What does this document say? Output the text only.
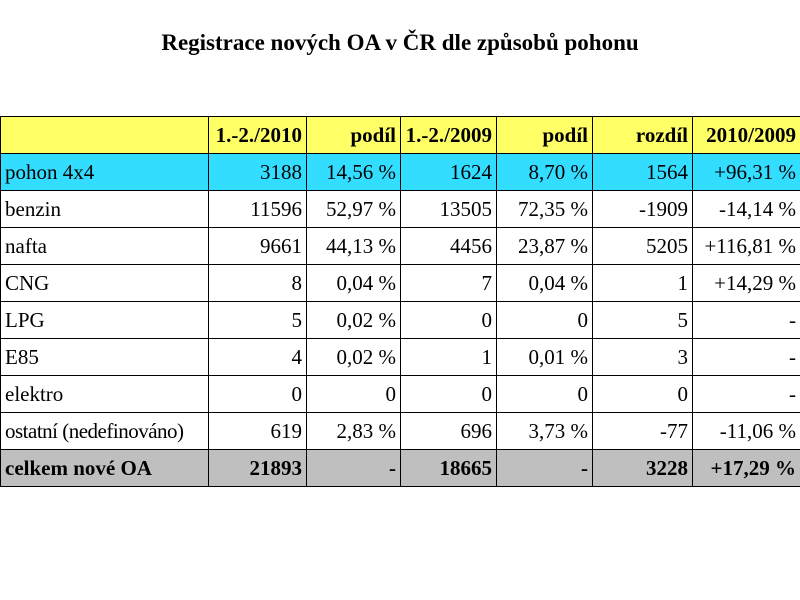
Registrace nových OA v ČR dle způsobů pohonu
	1.-2./2010	podíl	1.-2./2009	podíl	rozdíl	2010/2009
pohon 4x4	3188	14,56 %	1624	8,70 %	1564	+96,31 %
benzin	11596	52,97 %	13505	72,35 %	-1909	-14,14 %
nafta	9661	44,13 %	4456	23,87 %	5205	+116,81 %
CNG	8	0,04 %	7	0,04 %	1	+14,29 %
LPG	5	0,02 %	0	0	5	-
E85	4	0,02 %	1	0,01 %	3	-
elektro	0	0	0	0	0	-
ostatní (nedefinováno)	619	2,83 %	696	3,73 %	-77	-11,06 %
celkem nové OA	21893	-	18665	-	3228	+17,29 %
